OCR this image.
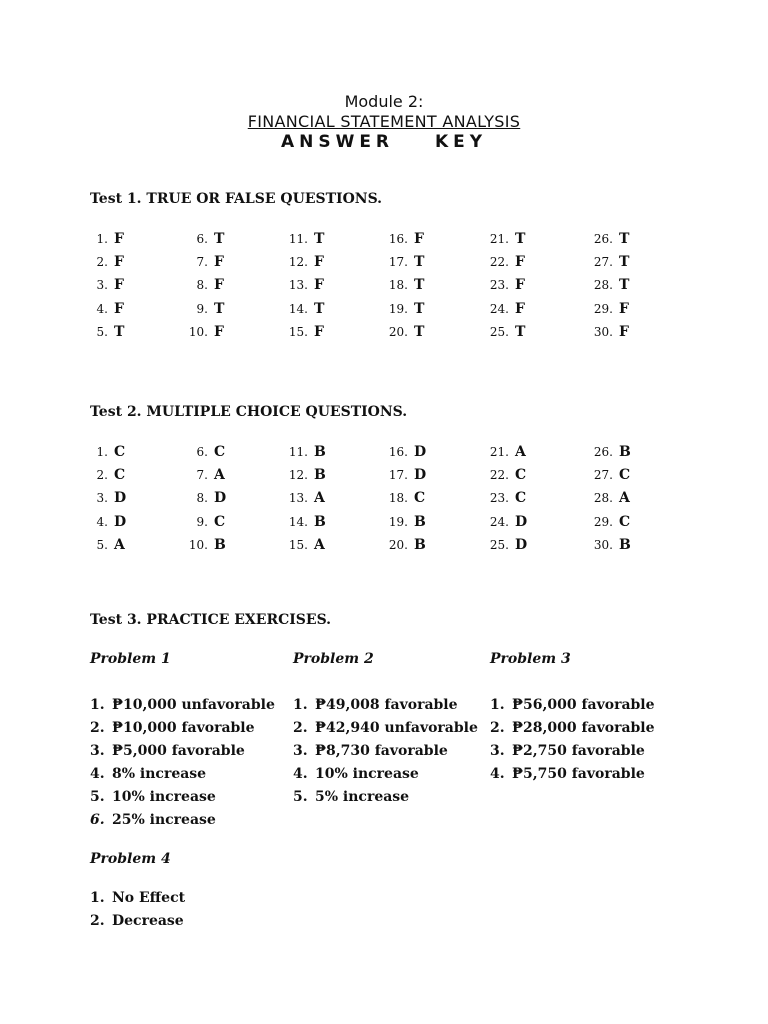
Module 2:
FINANCIAL STATEMENT ANALYSIS
ANSWER KEY
Test 1. TRUE OR FALSE QUESTIONS.
1. F
2. F
3. F
4. F
5. T
6. T
7. F
8. F
9. T
10. F
11. T
12. F
13. F
14. T
15. F
16. F
17. T
18. T
19. T
20. T
21. T
22. F
23. F
24. F
25. T
26. T
27. T
28. T
29. F
30. F
Test 2. MULTIPLE CHOICE QUESTIONS.
1. C
2. C
3. D
4. D
5. A
6. C
7. A
8. D
9. C
10. B
11. B
12. B
13. A
14. B
15. A
16. D
17. D
18. C
19. B
20. B
21. A
22. C
23. C
24. D
25. D
26. B
27. C
28. A
29. C
30. B
Test 3. PRACTICE EXERCISES.
Problem 1
1. ₱10,000 unfavorable
2. ₱10,000 favorable
3. ₱5,000 favorable
4. 8% increase
5. 10% increase
6. 25% increase
Problem 2
1. ₱49,008 favorable
2. ₱42,940 unfavorable
3. ₱8,730 favorable
4. 10% increase
5. 5% increase
Problem 3
1. ₱56,000 favorable
2. ₱28,000 favorable
3. ₱2,750 favorable
4. ₱5,750 favorable
Problem 4
1. No Effect
2. Decrease
